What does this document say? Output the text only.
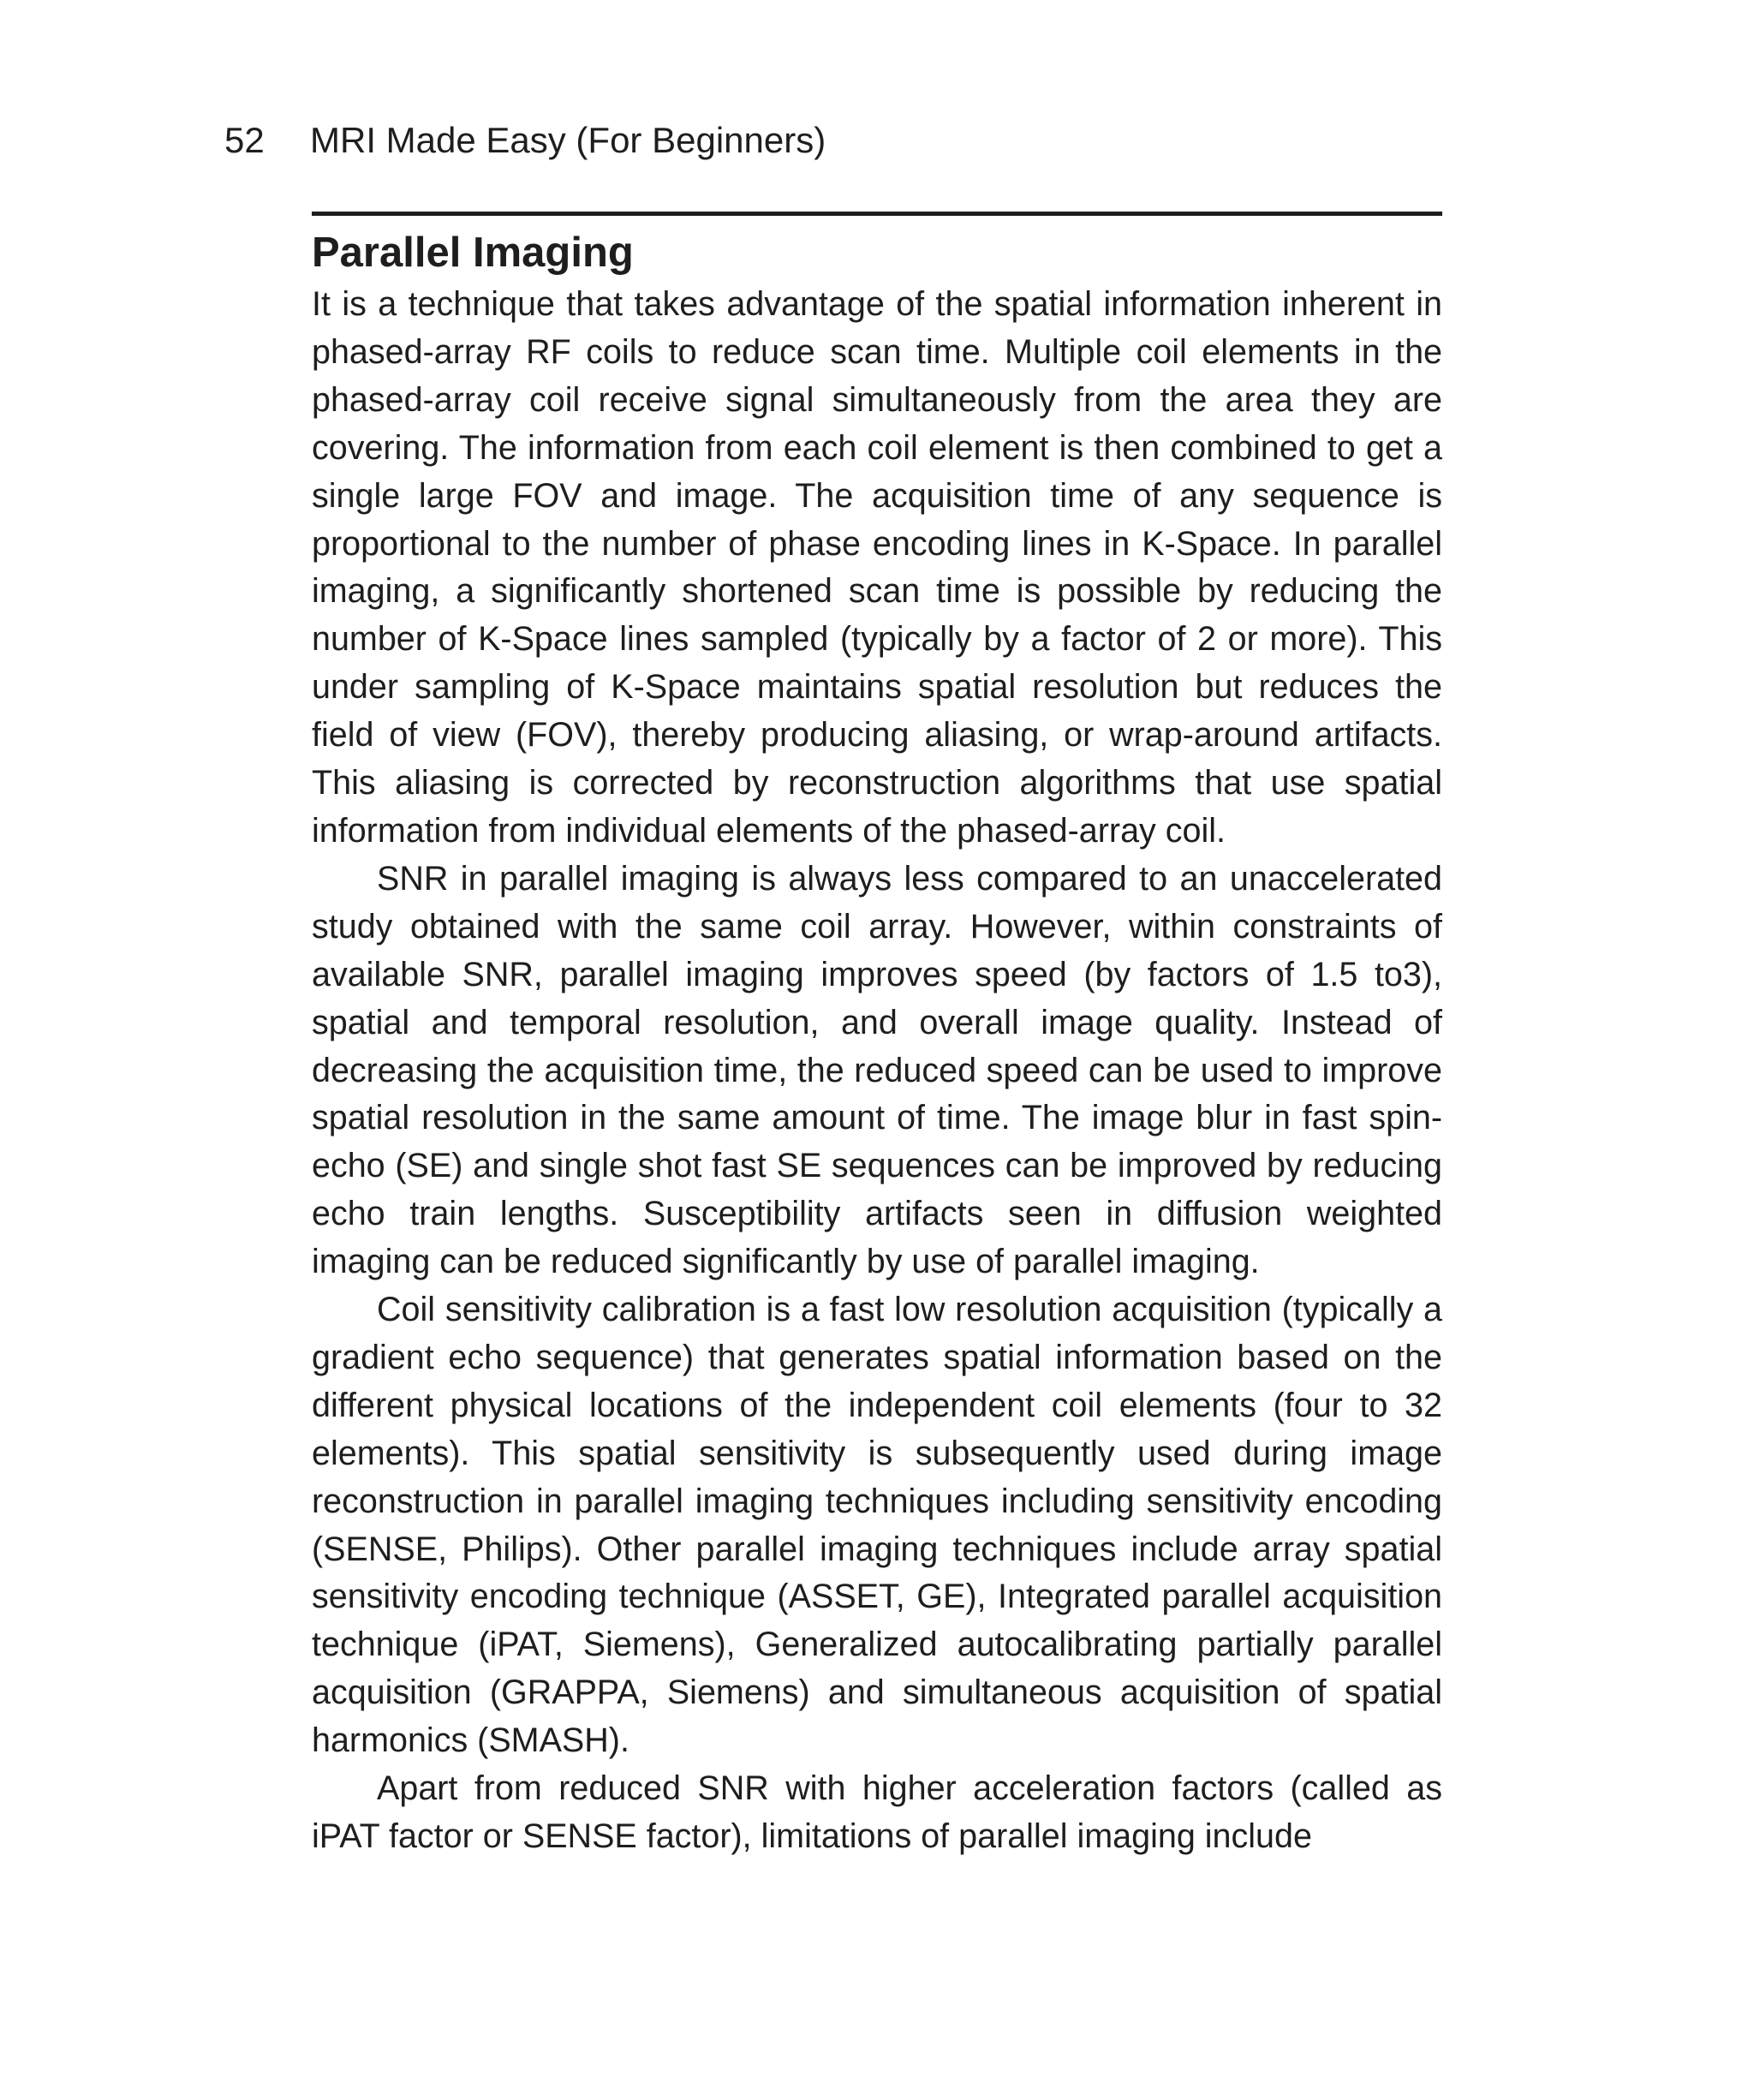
52 MRI Made Easy (For Beginners)
Parallel Imaging

It is a technique that takes advantage of the spatial information inherent in phased-array RF coils to reduce scan time. Multiple coil elements in the phased-array coil receive signal simultaneously from the area they are covering. The information from each coil element is then combined to get a single large FOV and image. The acquisition time of any sequence is proportional to the number of phase encoding lines in K-Space. In parallel imaging, a significantly shortened scan time is possible by reducing the number of K-Space lines sampled (typically by a factor of 2 or more). This under sampling of K-Space maintains spatial resolution but reduces the field of view (FOV), thereby producing aliasing, or wrap-around artifacts. This aliasing is corrected by reconstruction algorithms that use spatial information from individual elements of the phased-array coil.

SNR in parallel imaging is always less compared to an unaccelerated study obtained with the same coil array. However, within constraints of available SNR, parallel imaging improves speed (by factors of 1.5 to3), spatial and temporal resolution, and overall image quality. Instead of decreasing the acquisition time, the reduced speed can be used to improve spatial resolution in the same amount of time. The image blur in fast spin-echo (SE) and single shot fast SE sequences can be improved by reducing echo train lengths. Susceptibility artifacts seen in diffusion weighted imaging can be reduced significantly by use of parallel imaging.

Coil sensitivity calibration is a fast low resolution acquisition (typically a gradient echo sequence) that generates spatial information based on the different physical locations of the independent coil elements (four to 32 elements). This spatial sensitivity is subsequently used during image reconstruction in parallel imaging techniques including sensitivity encoding (SENSE, Philips). Other parallel imaging techniques include array spatial sensitivity encoding technique (ASSET, GE), Integrated parallel acquisition technique (iPAT, Siemens), Generalized autocalibrating partially parallel acquisition (GRAPPA, Siemens) and simultaneous acquisition of spatial harmonics (SMASH).

Apart from reduced SNR with higher acceleration factors (called as iPAT factor or SENSE factor), limitations of parallel imaging include
